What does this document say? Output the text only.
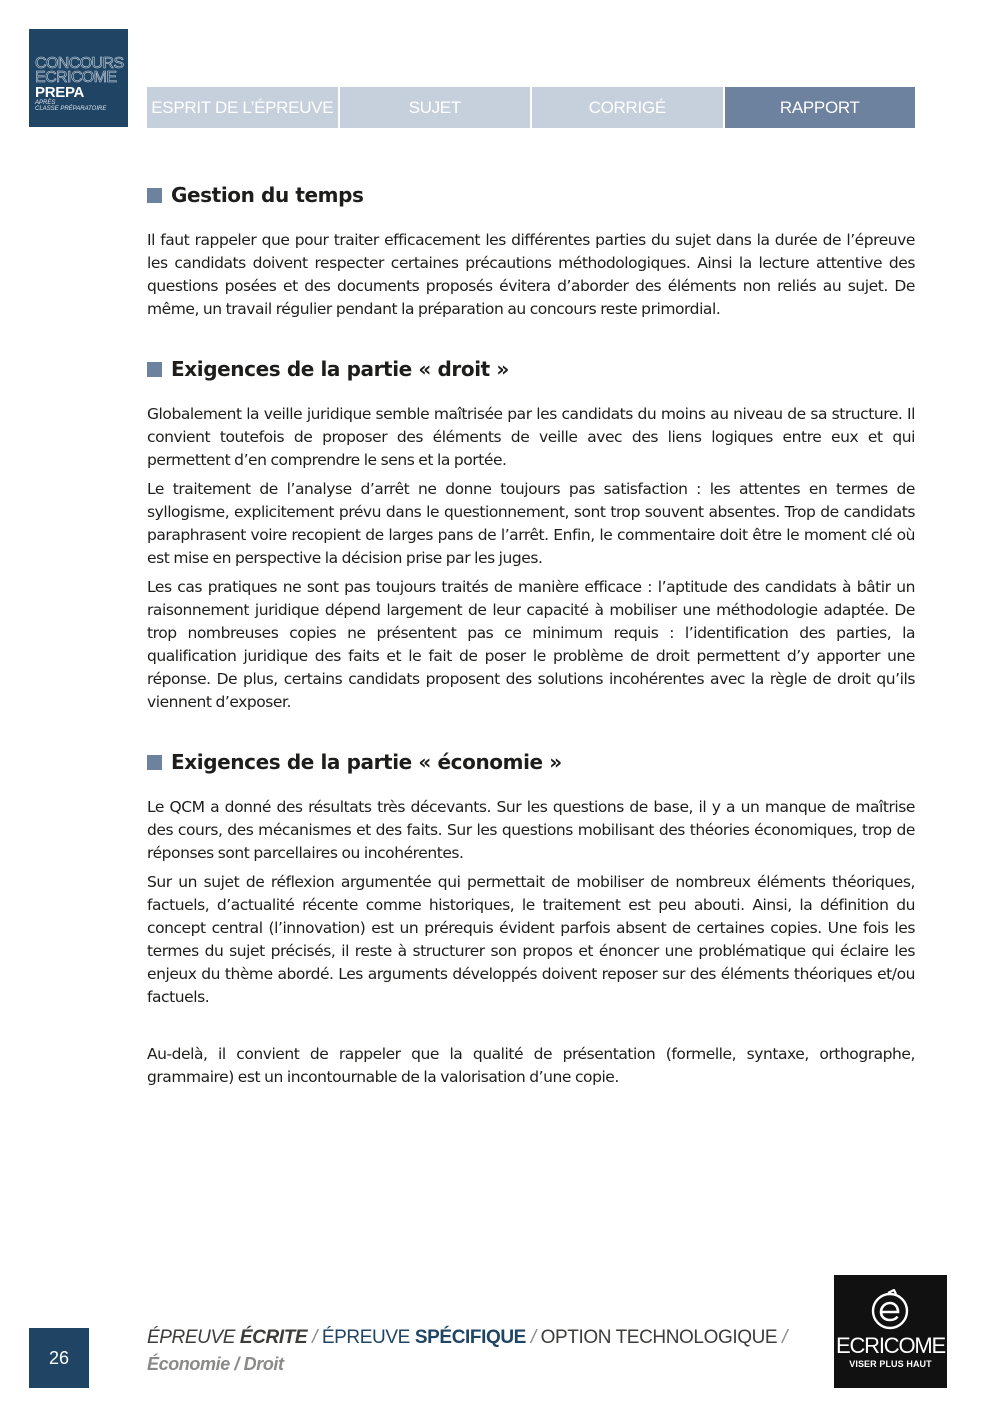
CONCOURS
ECRICOME
PREPA
APRÈS
CLASSE PRÉPARATOIRE	ESPRIT DE L’ÉPREUVE	SUJET	CORRIGÉ	RAPPORT
Gestion du temps

Il faut rappeler que pour traiter efficacement les différentes parties du sujet dans la durée de l’épreuve les candidats doivent respecter certaines précautions méthodologiques. Ainsi la lecture attentive des questions posées et des documents proposés évitera d’aborder des éléments non reliés au sujet. De même, un travail régulier pendant la préparation au concours reste primordial.

Exigences de la partie « droit »

Globalement la veille juridique semble maîtrisée par les candidats du moins au niveau de sa structure. Il convient toutefois de proposer des éléments de veille avec des liens logiques entre eux et qui permettent d’en comprendre le sens et la portée.

Le traitement de l’analyse d’arrêt ne donne toujours pas satisfaction : les attentes en termes de syllogisme, explicitement prévu dans le questionnement, sont trop souvent absentes. Trop de candidats paraphrasent voire recopient de larges pans de l’arrêt. Enfin, le commentaire doit être le moment clé où est mise en perspective la décision prise par les juges.

Les cas pratiques ne sont pas toujours traités de manière efficace : l’aptitude des candidats à bâtir un raisonnement juridique dépend largement de leur capacité à mobiliser une méthodologie adaptée. De trop nombreuses copies ne présentent pas ce minimum requis : l’identification des parties, la qualification juridique des faits et le fait de poser le problème de droit permettent d’y apporter une réponse. De plus, certains candidats proposent des solutions incohérentes avec la règle de droit qu’ils viennent d’exposer.

Exigences de la partie « économie »

Le QCM a donné des résultats très décevants. Sur les questions de base, il y a un manque de maîtrise des cours, des mécanismes et des faits. Sur les questions mobilisant des théories économiques, trop de réponses sont parcellaires ou incohérentes.

Sur un sujet de réflexion argumentée qui permettait de mobiliser de nombreux éléments théoriques, factuels, d’actualité récente comme historiques, le traitement est peu abouti. Ainsi, la définition du concept central (l’innovation) est un prérequis évident parfois absent de certaines copies. Une fois les termes du sujet précisés, il reste à structurer son propos et énoncer une problématique qui éclaire les enjeux du thème abordé. Les arguments développés doivent reposer sur des éléments théoriques et/ou factuels.

Au-delà, il convient de rappeler que la qualité de présentation (formelle, syntaxe, orthographe, grammaire) est un incontournable de la valorisation d’une copie.

26
ÉPREUVE ÉCRITE / ÉPREUVE SPÉCIFIQUE / OPTION TECHNOLOGIQUE /
Économie / Droit
ECRICOME
VISER PLUS HAUT
